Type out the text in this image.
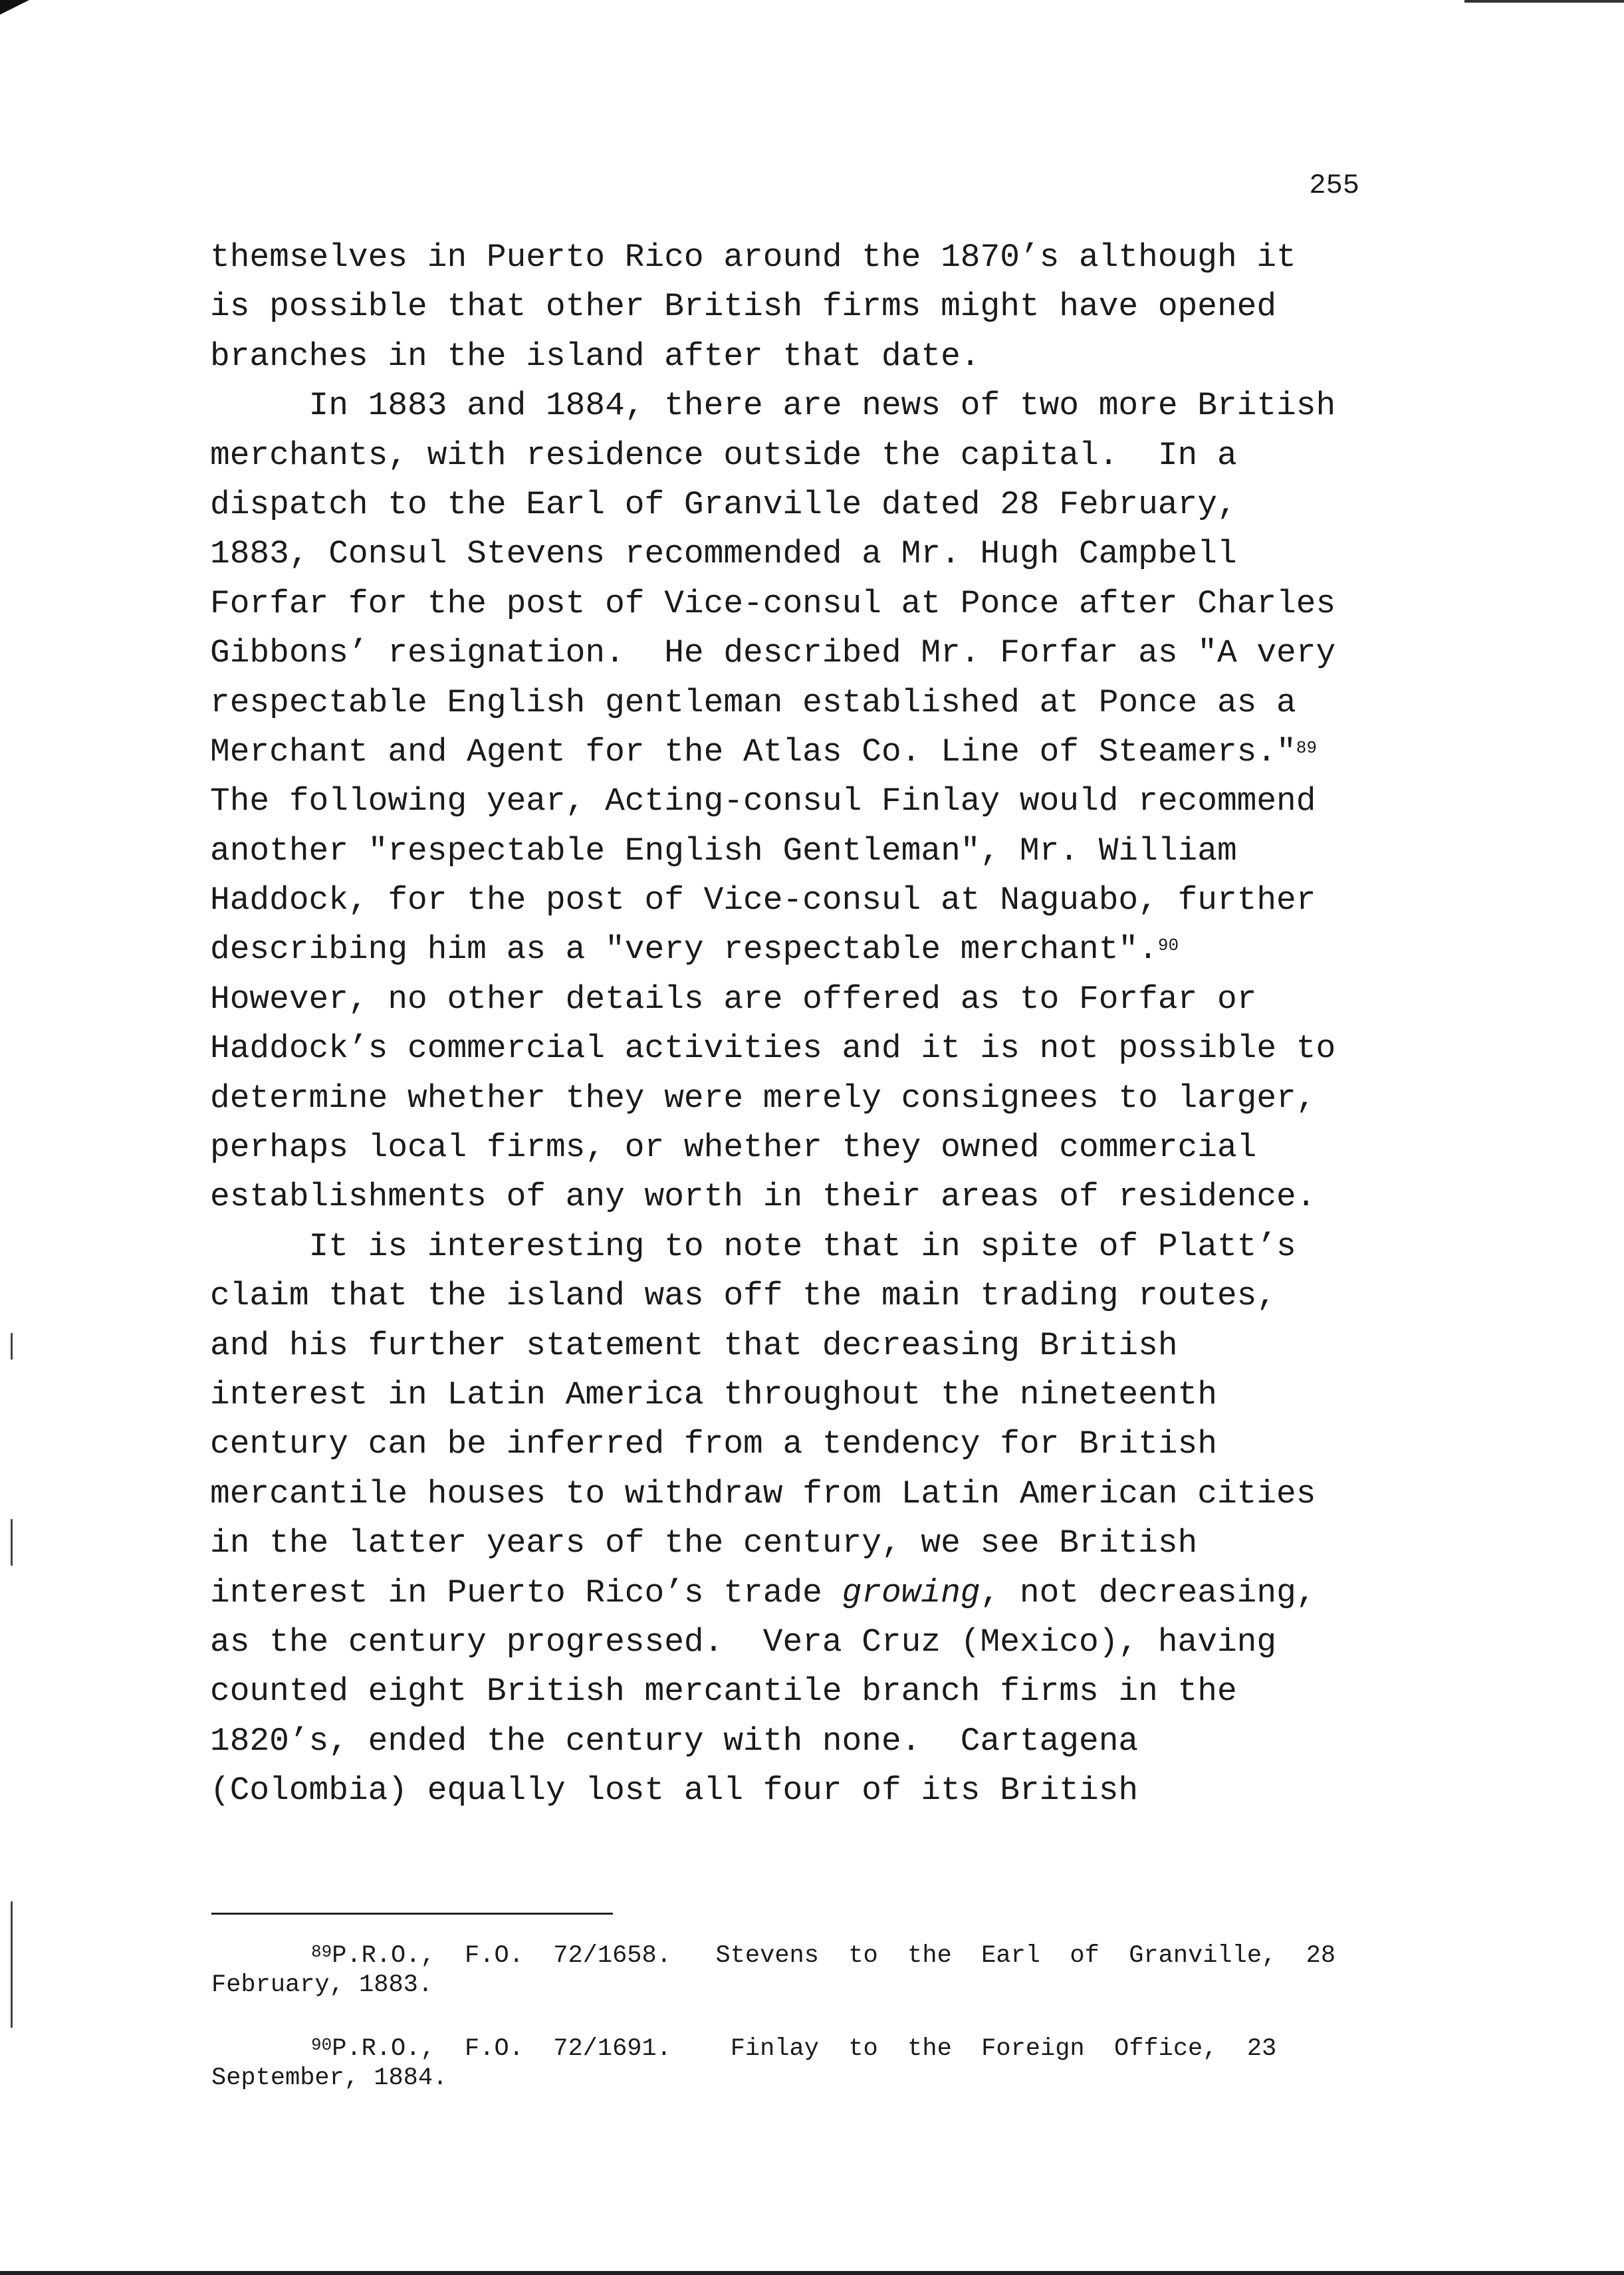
255
themselves in Puerto Rico around the 1870’s although it
is possible that other British firms might have opened
branches in the island after that date.
In 1883 and 1884, there are news of two more British
merchants, with residence outside the capital.  In a
dispatch to the Earl of Granville dated 28 February,
1883, Consul Stevens recommended a Mr. Hugh Campbell
Forfar for the post of Vice-consul at Ponce after Charles
Gibbons’ resignation.  He described Mr. Forfar as "A very
respectable English gentleman established at Ponce as a
Merchant and Agent for the Atlas Co. Line of Steamers."$^{89}$
The following year, Acting-consul Finlay would recommend
another "respectable English Gentleman", Mr. William
Haddock, for the post of Vice-consul at Naguabo, further
describing him as a "very respectable merchant".$^{90}$
However, no other details are offered as to Forfar or
Haddock’s commercial activities and it is not possible to
determine whether they were merely consignees to larger,
perhaps local firms, or whether they owned commercial
establishments of any worth in their areas of residence.
It is interesting to note that in spite of Platt’s
claim that the island was off the main trading routes,
and his further statement that decreasing British
interest in Latin America throughout the nineteenth
century can be inferred from a tendency for British
mercantile houses to withdraw from Latin American cities
in the latter years of the century, we see British
interest in Puerto Rico’s trade growing, not decreasing,
as the century progressed.  Vera Cruz (Mexico), having
counted eight British mercantile branch firms in the
1820’s, ended the century with none.  Cartagena
(Colombia) equally lost all four of its British
$^{89}$P.R.O.,  F.O.  72/1658.   Stevens  to  the  Earl  of  Granville,  28
February, 1883.
$^{90}$P.R.O.,  F.O.  72/1691.    Finlay  to  the  Foreign  Office,  23
September, 1884.
